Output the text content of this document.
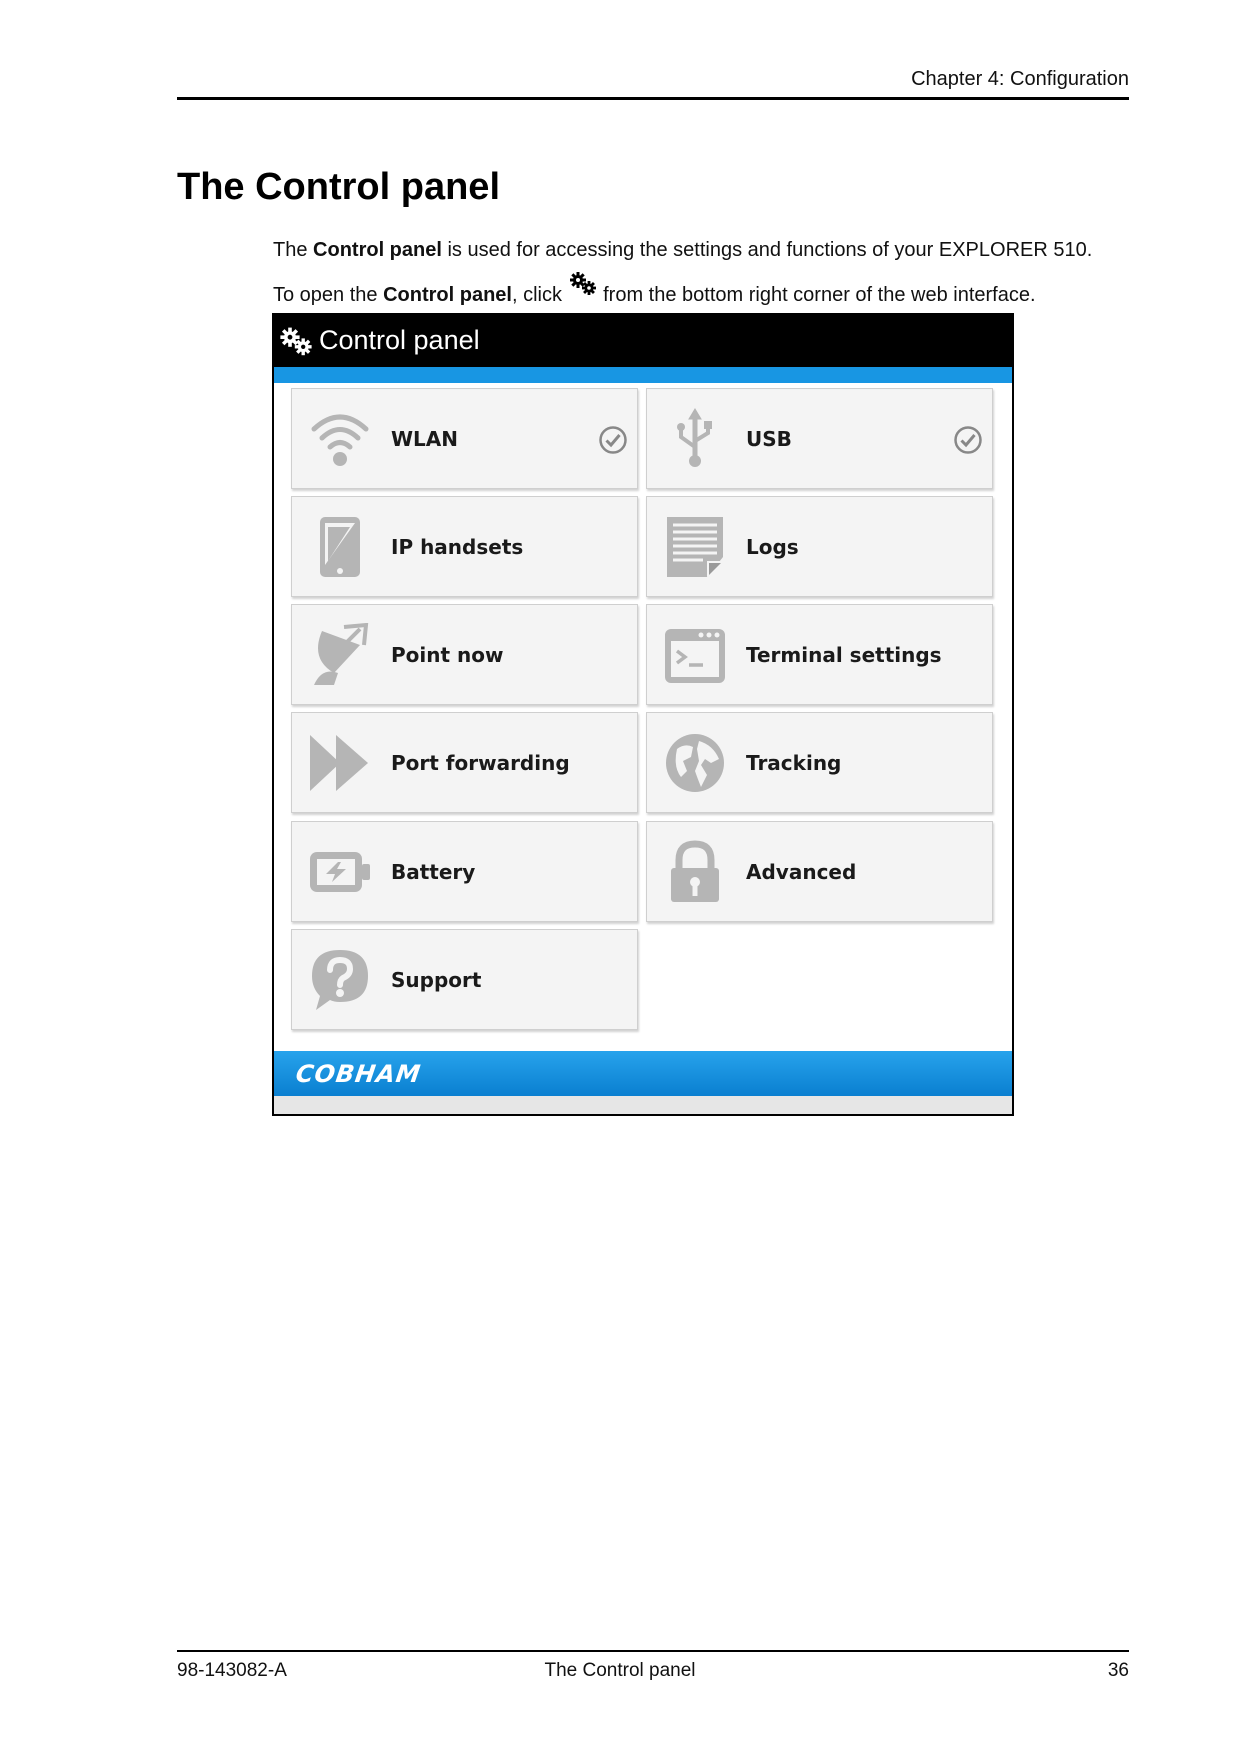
Chapter 4: Configuration
The Control panel
The Control panel is used for accessing the settings and functions of your EXPLORER 510.
To open the Control panel, click  from the bottom right corner of the web interface.
Control panel
WLAN	USB
IP handsets	Logs
Point now	Terminal settings
Port forwarding	Tracking
Battery	Advanced
Support
COBHAM
98-143082-A	The Control panel	36
